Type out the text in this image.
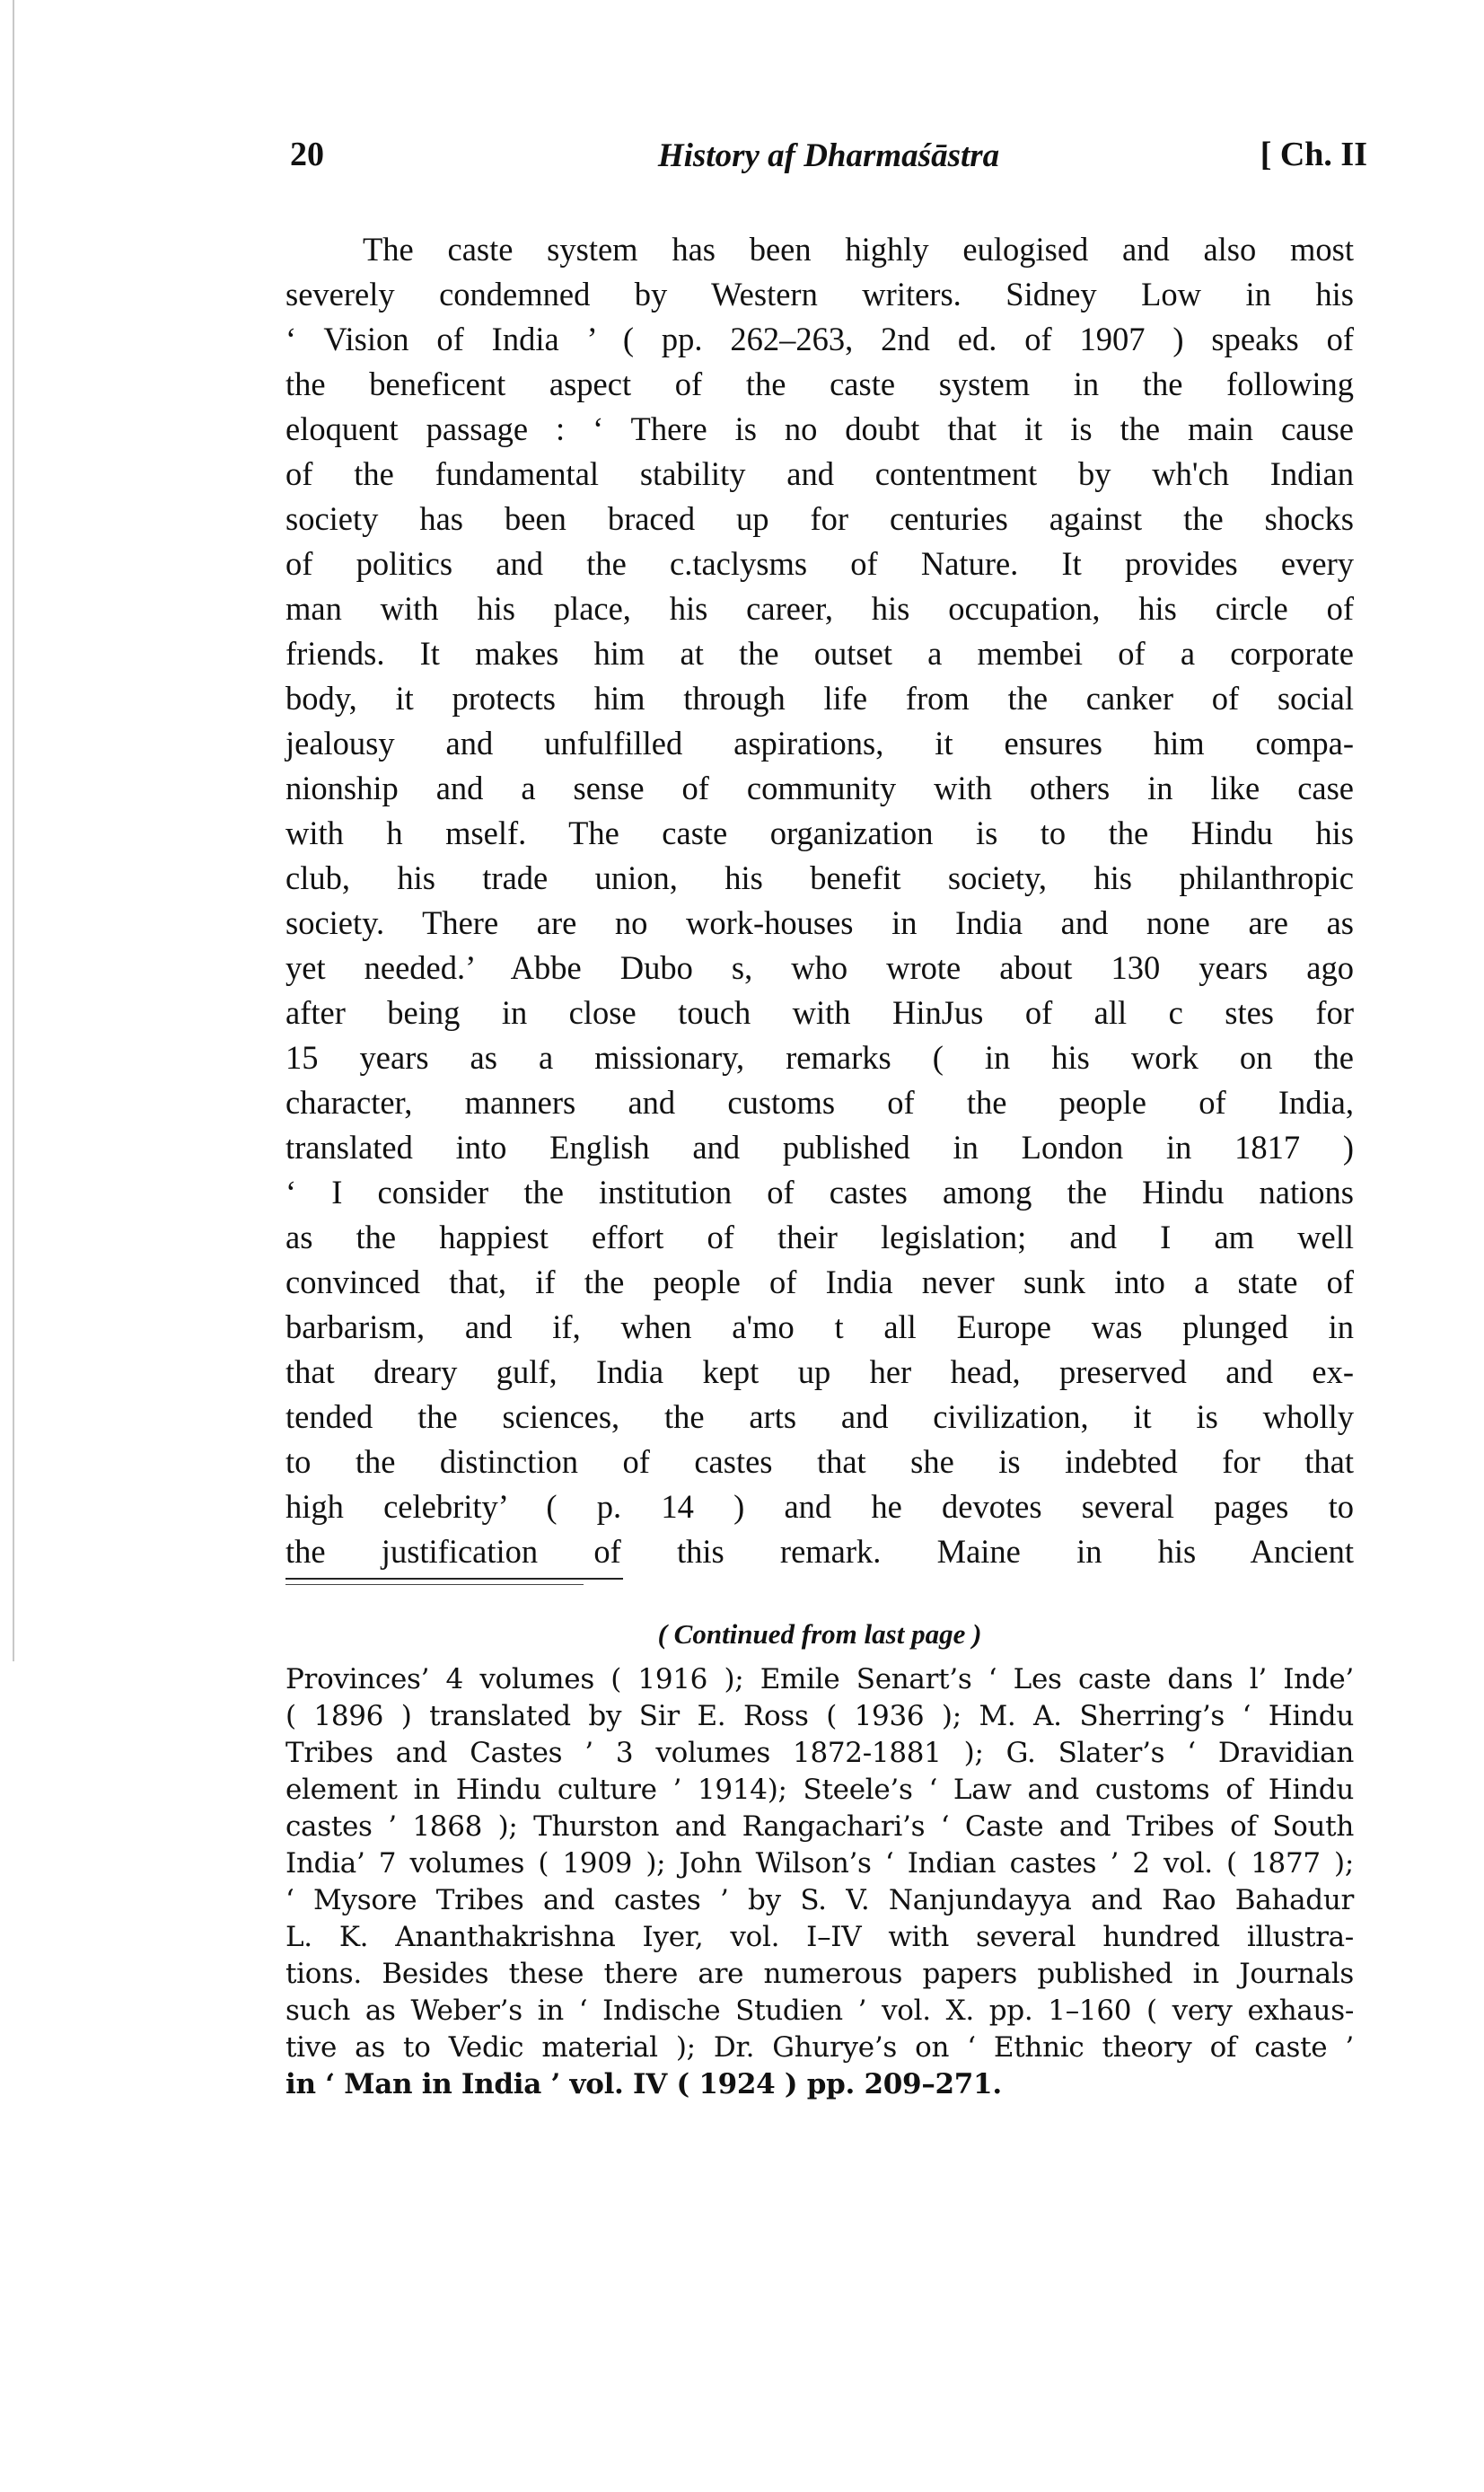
20	History af Dharmaśāstra	[ Ch. II
The caste system has been highly eulogised and also most
severely condemned by Western writers. Sidney Low in his
‘ Vision of India ’ ( pp. 262–263, 2nd ed. of 1907 ) speaks of
the beneficent aspect of the caste system in the following
eloquent passage : ‘ There is no doubt that it is the main cause
of the fundamental stability and contentment by wh'ch Indian
society has been braced up for centuries against the shocks
of politics and the c.taclysms of Nature. It provides every
man with his place, his career, his occupation, his circle of
friends. It makes him at the outset a membei of a corporate
body, it protects him through life from the canker of social
jealousy and unfulfilled aspirations, it ensures him compa-
nionship and a sense of community with others in like case
with h mself. The caste organization is to the Hindu his
club, his trade union, his benefit society, his philanthropic
society. There are no work-houses in India and none are as
yet needed.’ Abbe Dubo s, who wrote about 130 years ago
after being in close touch with HinJus of all c stes for
15 years as a missionary, remarks ( in his work on the
character, manners and customs of the people of India,
translated into English and published in London in 1817 )
‘ I consider the institution of castes among the Hindu nations
as the happiest effort of their legislation; and I am well
convinced that, if the people of India never sunk into a state of
barbarism, and if, when a'mo t all Europe was plunged in
that dreary gulf, India kept up her head, preserved and ex-
tended the sciences, the arts and civilization, it is wholly
to the distinction of castes that she is indebted for that
high celebrity’ ( p. 14 ) and he devotes several pages to
the justification of this remark. Maine in his Ancient
( Continued from last page )
Provinces’ 4 volumes ( 1916 ); Emile Senart’s ‘ Les caste dans l’ Inde’
( 1896 ) translated by Sir E. Ross ( 1936 ); M. A. Sherring’s ‘ Hindu
Tribes and Castes ’ 3 volumes 1872-1881 ); G. Slater’s ‘ Dravidian
element in Hindu culture ’ 1914); Steele’s ‘ Law and customs of Hindu
castes ’ 1868 ); Thurston and Rangachari’s ‘ Caste and Tribes of South
India’ 7 volumes ( 1909 ); John Wilson’s ‘ Indian castes ’ 2 vol. ( 1877 );
‘ Mysore Tribes and castes ’ by S. V. Nanjundayya and Rao Bahadur
L. K. Ananthakrishna Iyer, vol. I–IV with several hundred illustra-
tions. Besides these there are numerous papers published in Journals
such as Weber’s in ‘ Indische Studien ’ vol. X. pp. 1–160 ( very exhaus-
tive as to Vedic material ); Dr. Ghurye’s on ‘ Ethnic theory of caste ’
in ‘ Man in India ’ vol. IV ( 1924 ) pp. 209–271.
